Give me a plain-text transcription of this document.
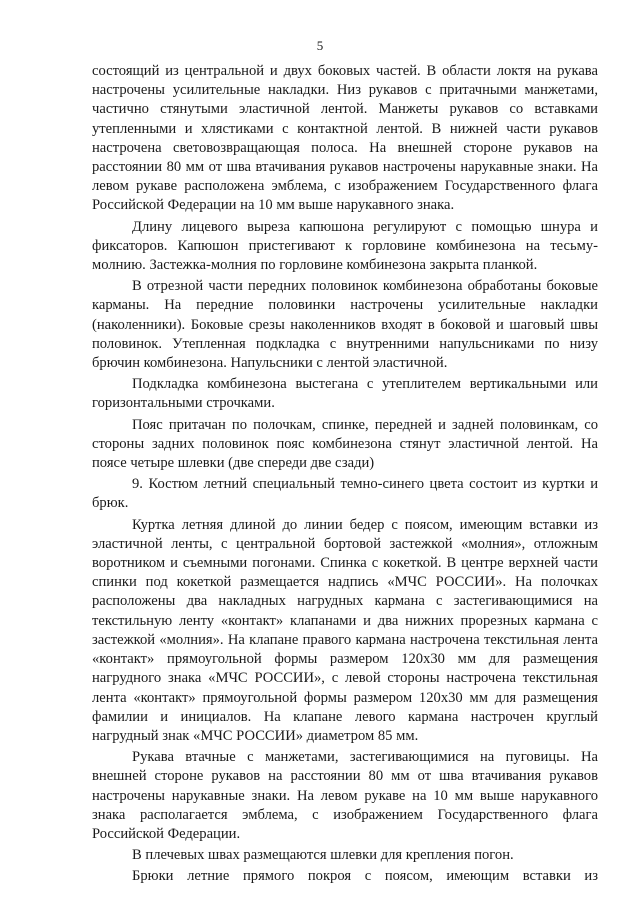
5

состоящий из центральной и двух боковых частей. В области локтя на рукава настрочены усилительные накладки. Низ рукавов с притачными манжетами, частично стянутыми эластичной лентой. Манжеты рукавов со вставками утепленными и хлястиками с контактной лентой. В нижней части рукавов настрочена световозвращающая полоса. На внешней стороне рукавов на расстоянии 80 мм от шва втачивания рукавов настрочены нарукавные знаки. На левом рукаве расположена эмблема, с изображением Государственного флага Российской Федерации на 10 мм выше нарукавного знака.

Длину лицевого выреза капюшона регулируют с помощью шнура и фиксаторов. Капюшон пристегивают к горловине комбинезона на тесьму-молнию. Застежка-молния по горловине комбинезона закрыта планкой.

В отрезной части передних половинок комбинезона обработаны боковые карманы. На передние половинки настрочены усилительные накладки (наколенники). Боковые срезы наколенников входят в боковой и шаговый швы половинок. Утепленная подкладка с внутренними напульсниками по низу брючин комбинезона. Напульсники с лентой эластичной.

Подкладка комбинезона выстегана с утеплителем вертикальными или горизонтальными строчками.

Пояс притачан по полочкам, спинке, передней и задней половинкам, со стороны задних половинок пояс комбинезона стянут эластичной лентой. На поясе четыре шлевки (две спереди две сзади)

9. Костюм летний специальный темно-синего цвета состоит из куртки и брюк.

Куртка летняя длиной до линии бедер с поясом, имеющим вставки из эластичной ленты, с центральной бортовой застежкой «молния», отложным воротником и съемными погонами. Спинка с кокеткой. В центре верхней части спинки под кокеткой размещается надпись «МЧС РОССИИ». На полочках расположены два накладных нагрудных кармана с застегивающимися на текстильную ленту «контакт» клапанами и два нижних прорезных кармана с застежкой «молния». На клапане правого кармана настрочена текстильная лента «контакт» прямоугольной формы размером 120х30 мм для размещения нагрудного знака «МЧС РОССИИ», с левой стороны настрочена текстильная лента «контакт» прямоугольной формы размером 120х30 мм для размещения фамилии и инициалов. На клапане левого кармана настрочен круглый нагрудный знак «МЧС РОССИИ» диаметром 85 мм.

Рукава втачные с манжетами, застегивающимися на пуговицы. На внешней стороне рукавов на расстоянии 80 мм от шва втачивания рукавов настрочены нарукавные знаки. На левом рукаве на 10 мм выше нарукавного знака располагается эмблема, с изображением Государственного флага Российской Федерации.

В плечевых швах размещаются шлевки для крепления погон.

Брюки летние прямого покроя с поясом, имеющим вставки из
